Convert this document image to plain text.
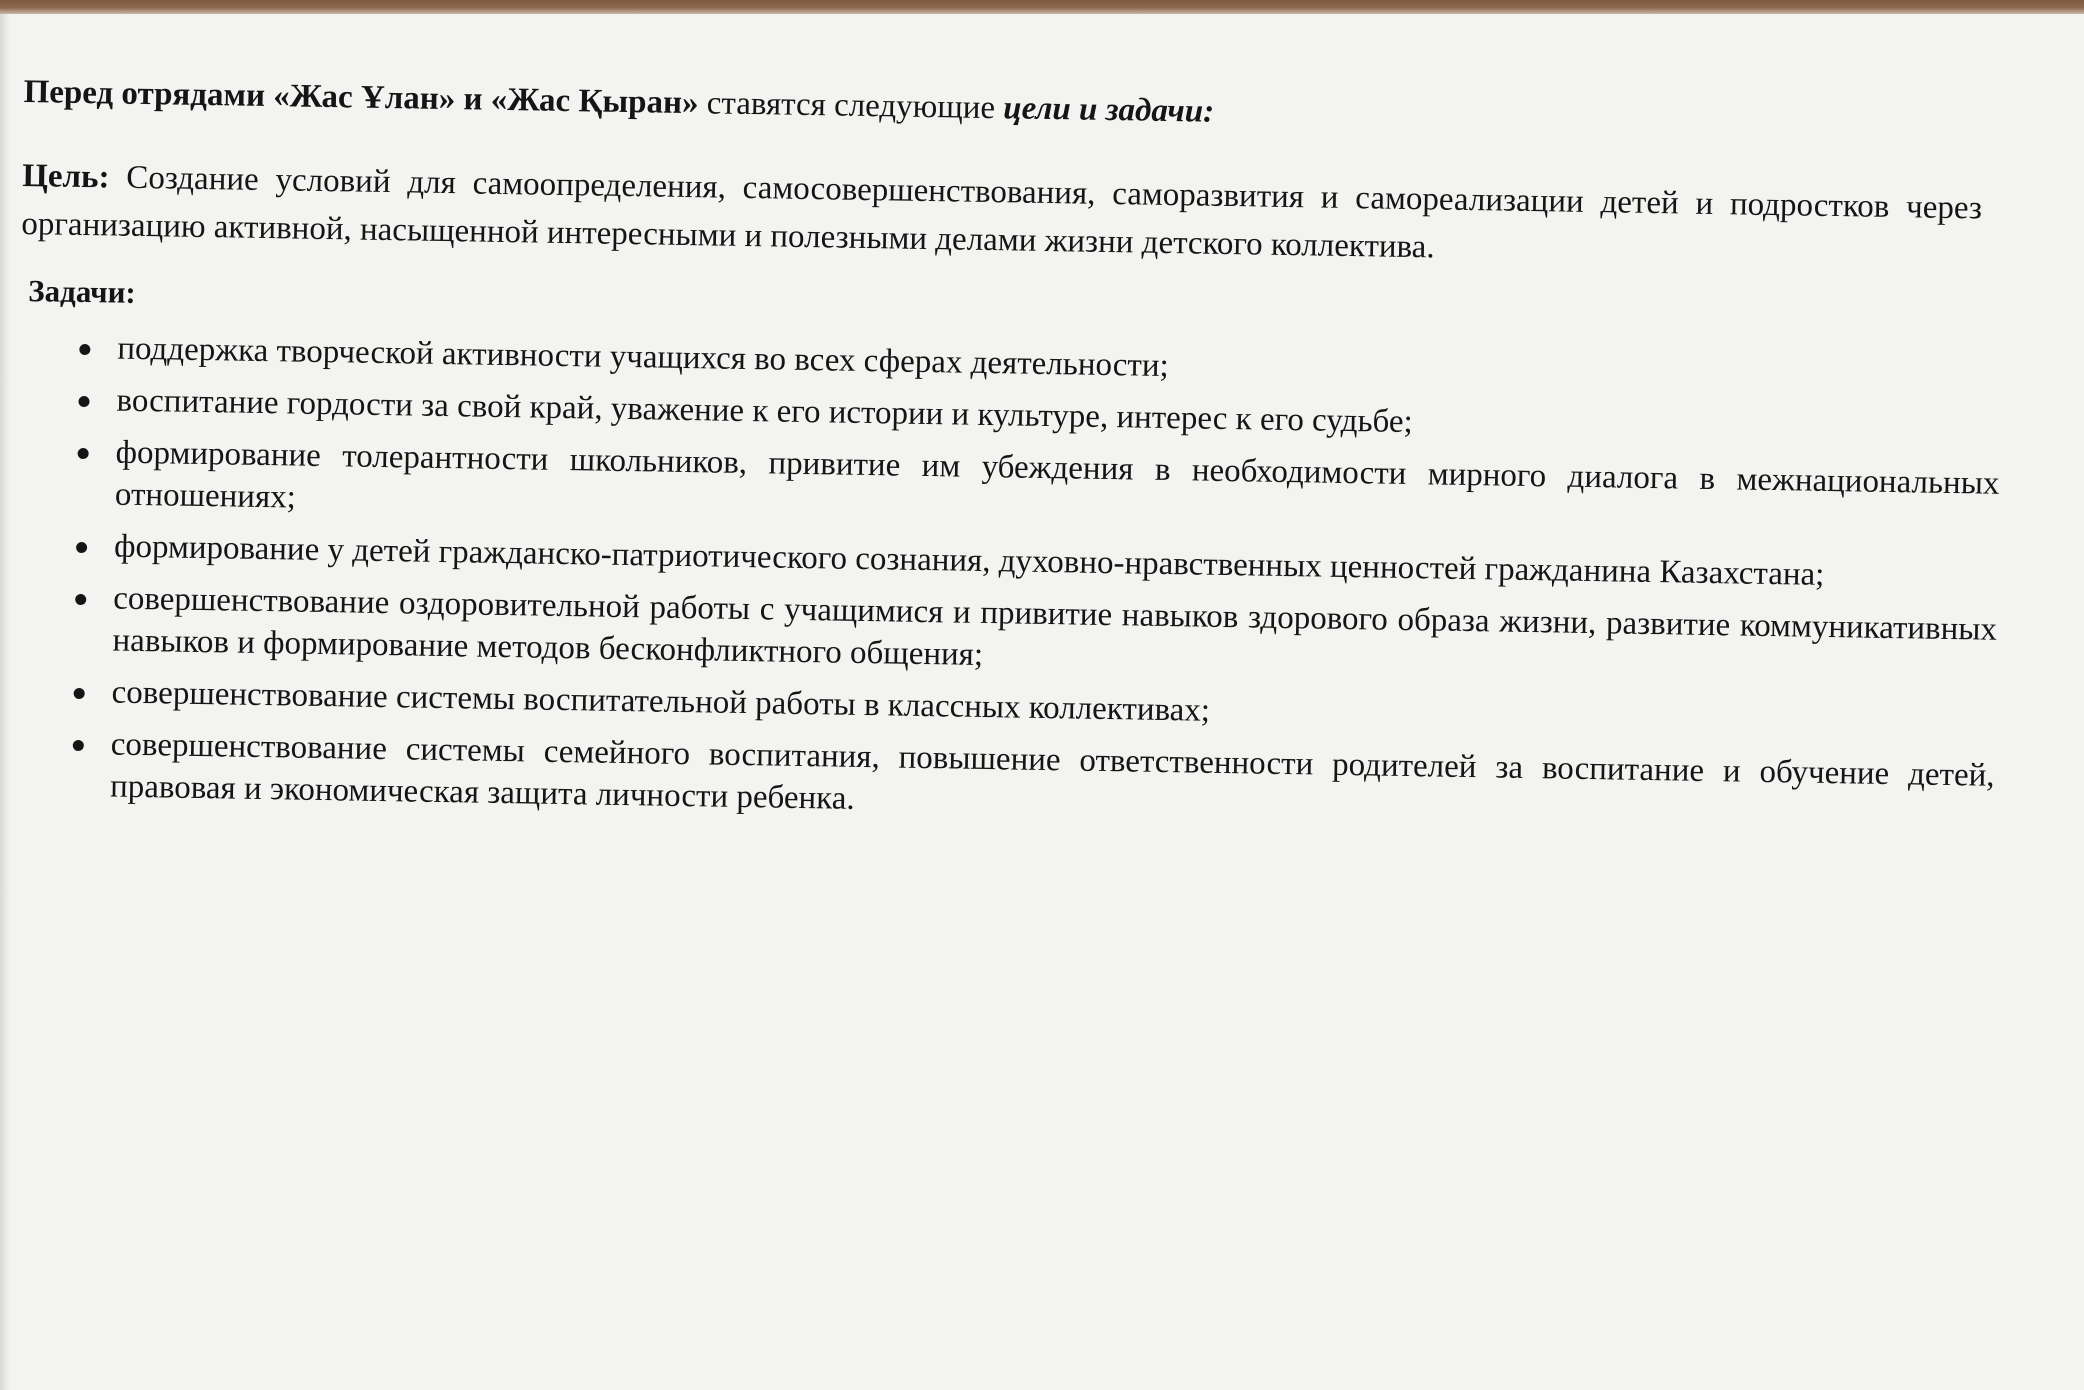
Перед отрядами «Жас Ұлан» и «Жас Қыран» ставятся следующие цели и задачи:

Цель: Создание условий для самоопределения, самосовершенствования, саморазвития и самореализации детей и подростков через организацию активной, насыщенной интересными и полезными делами жизни детского коллектива.

Задачи:
поддержка творческой активности учащихся во всех сферах деятельности;
воспитание гордости за свой край, уважение к его истории и культуре, интерес к его судьбе;
формирование толерантности школьников, привитие им убеждения в необходимости мирного диалога в межнациональных отношениях;
формирование у детей гражданско-патриотического сознания, духовно-нравственных ценностей гражданина Казахстана;
совершенствование оздоровительной работы с учащимися и привитие навыков здорового образа жизни, развитие коммуникативных навыков и формирование методов бесконфликтного общения;
совершенствование системы воспитательной работы в классных коллективах;
совершенствование системы семейного воспитания, повышение ответственности родителей за воспитание и обучение детей, правовая и экономическая защита личности ребенка.
